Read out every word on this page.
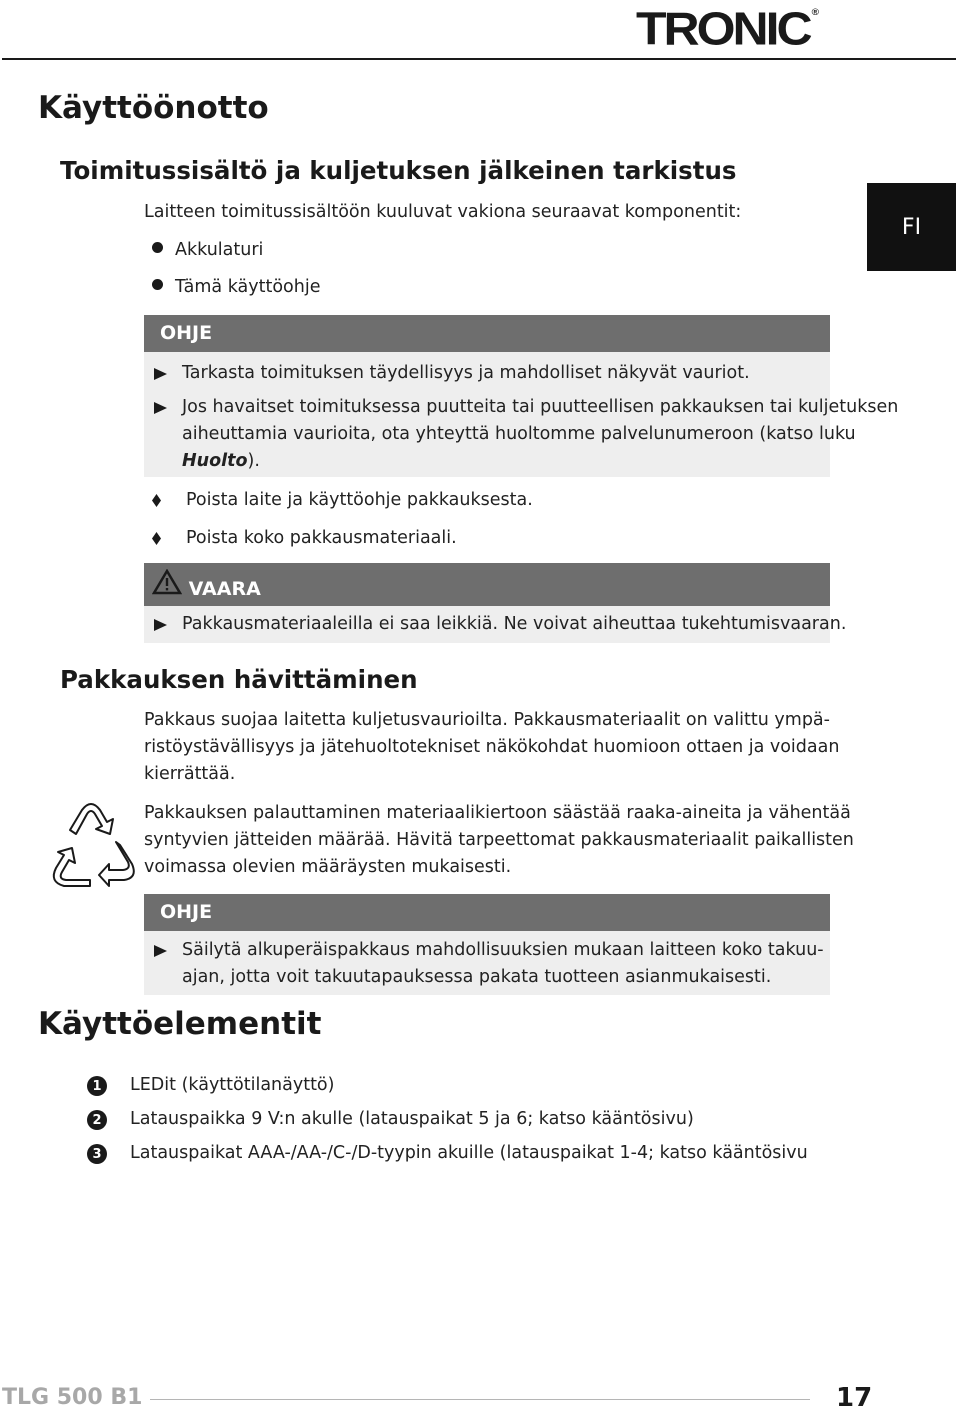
TRONIC ®
FI
Käyttöönotto
Toimitussisältö ja kuljetuksen jälkeinen tarkistus

Laitteen toimitussisältöön kuuluvat vakiona seuraavat komponentit:

Akkulaturi
Tämä käyttöohje
OHJE
Tarkasta toimituksen täydellisyys ja mahdolliset näkyvät vauriot.
Jos havaitset toimituksessa puutteita tai puutteellisen pakkauksen tai kuljetuksen
aiheuttamia vaurioita, ota yhteyttä huoltomme palvelunumeroon (katso luku
Huolto).
Poista laite ja käyttöohje pakkauksesta.
Poista koko pakkausmateriaali.
VAARA
Pakkausmateriaaleilla ei saa leikkiä. Ne voivat aiheuttaa tukehtumisvaaran.
Pakkauksen hävittäminen

Pakkaus suojaa laitetta kuljetusvaurioilta. Pakkausmateriaalit on valittu ympä-

ristöystävällisyys ja jätehuoltotekniset näkökohdat huomioon ottaen ja voidaan

kierrättää.

Pakkauksen palauttaminen materiaalikiertoon säästää raaka-aineita ja vähentää

syntyvien jätteiden määrää. Hävitä tarpeettomat pakkausmateriaalit paikallisten

voimassa olevien määräysten mukaisesti.

OHJE
Säilytä alkuperäispakkaus mahdollisuuksien mukaan laitteen koko takuu-
ajan, jotta voit takuutapauksessa pakata tuotteen asianmukaisesti.
Käyttöelementit
1	LEDit (käyttötilanäyttö)
2	Latauspaikka 9 V:n akulle (latauspaikat 5 ja 6; katso kääntösivu)
3	Latauspaikat AAA-/AA-/C-/D-tyypin akuille (latauspaikat 1-4; katso kääntösivu
TLG 500 B1	17
